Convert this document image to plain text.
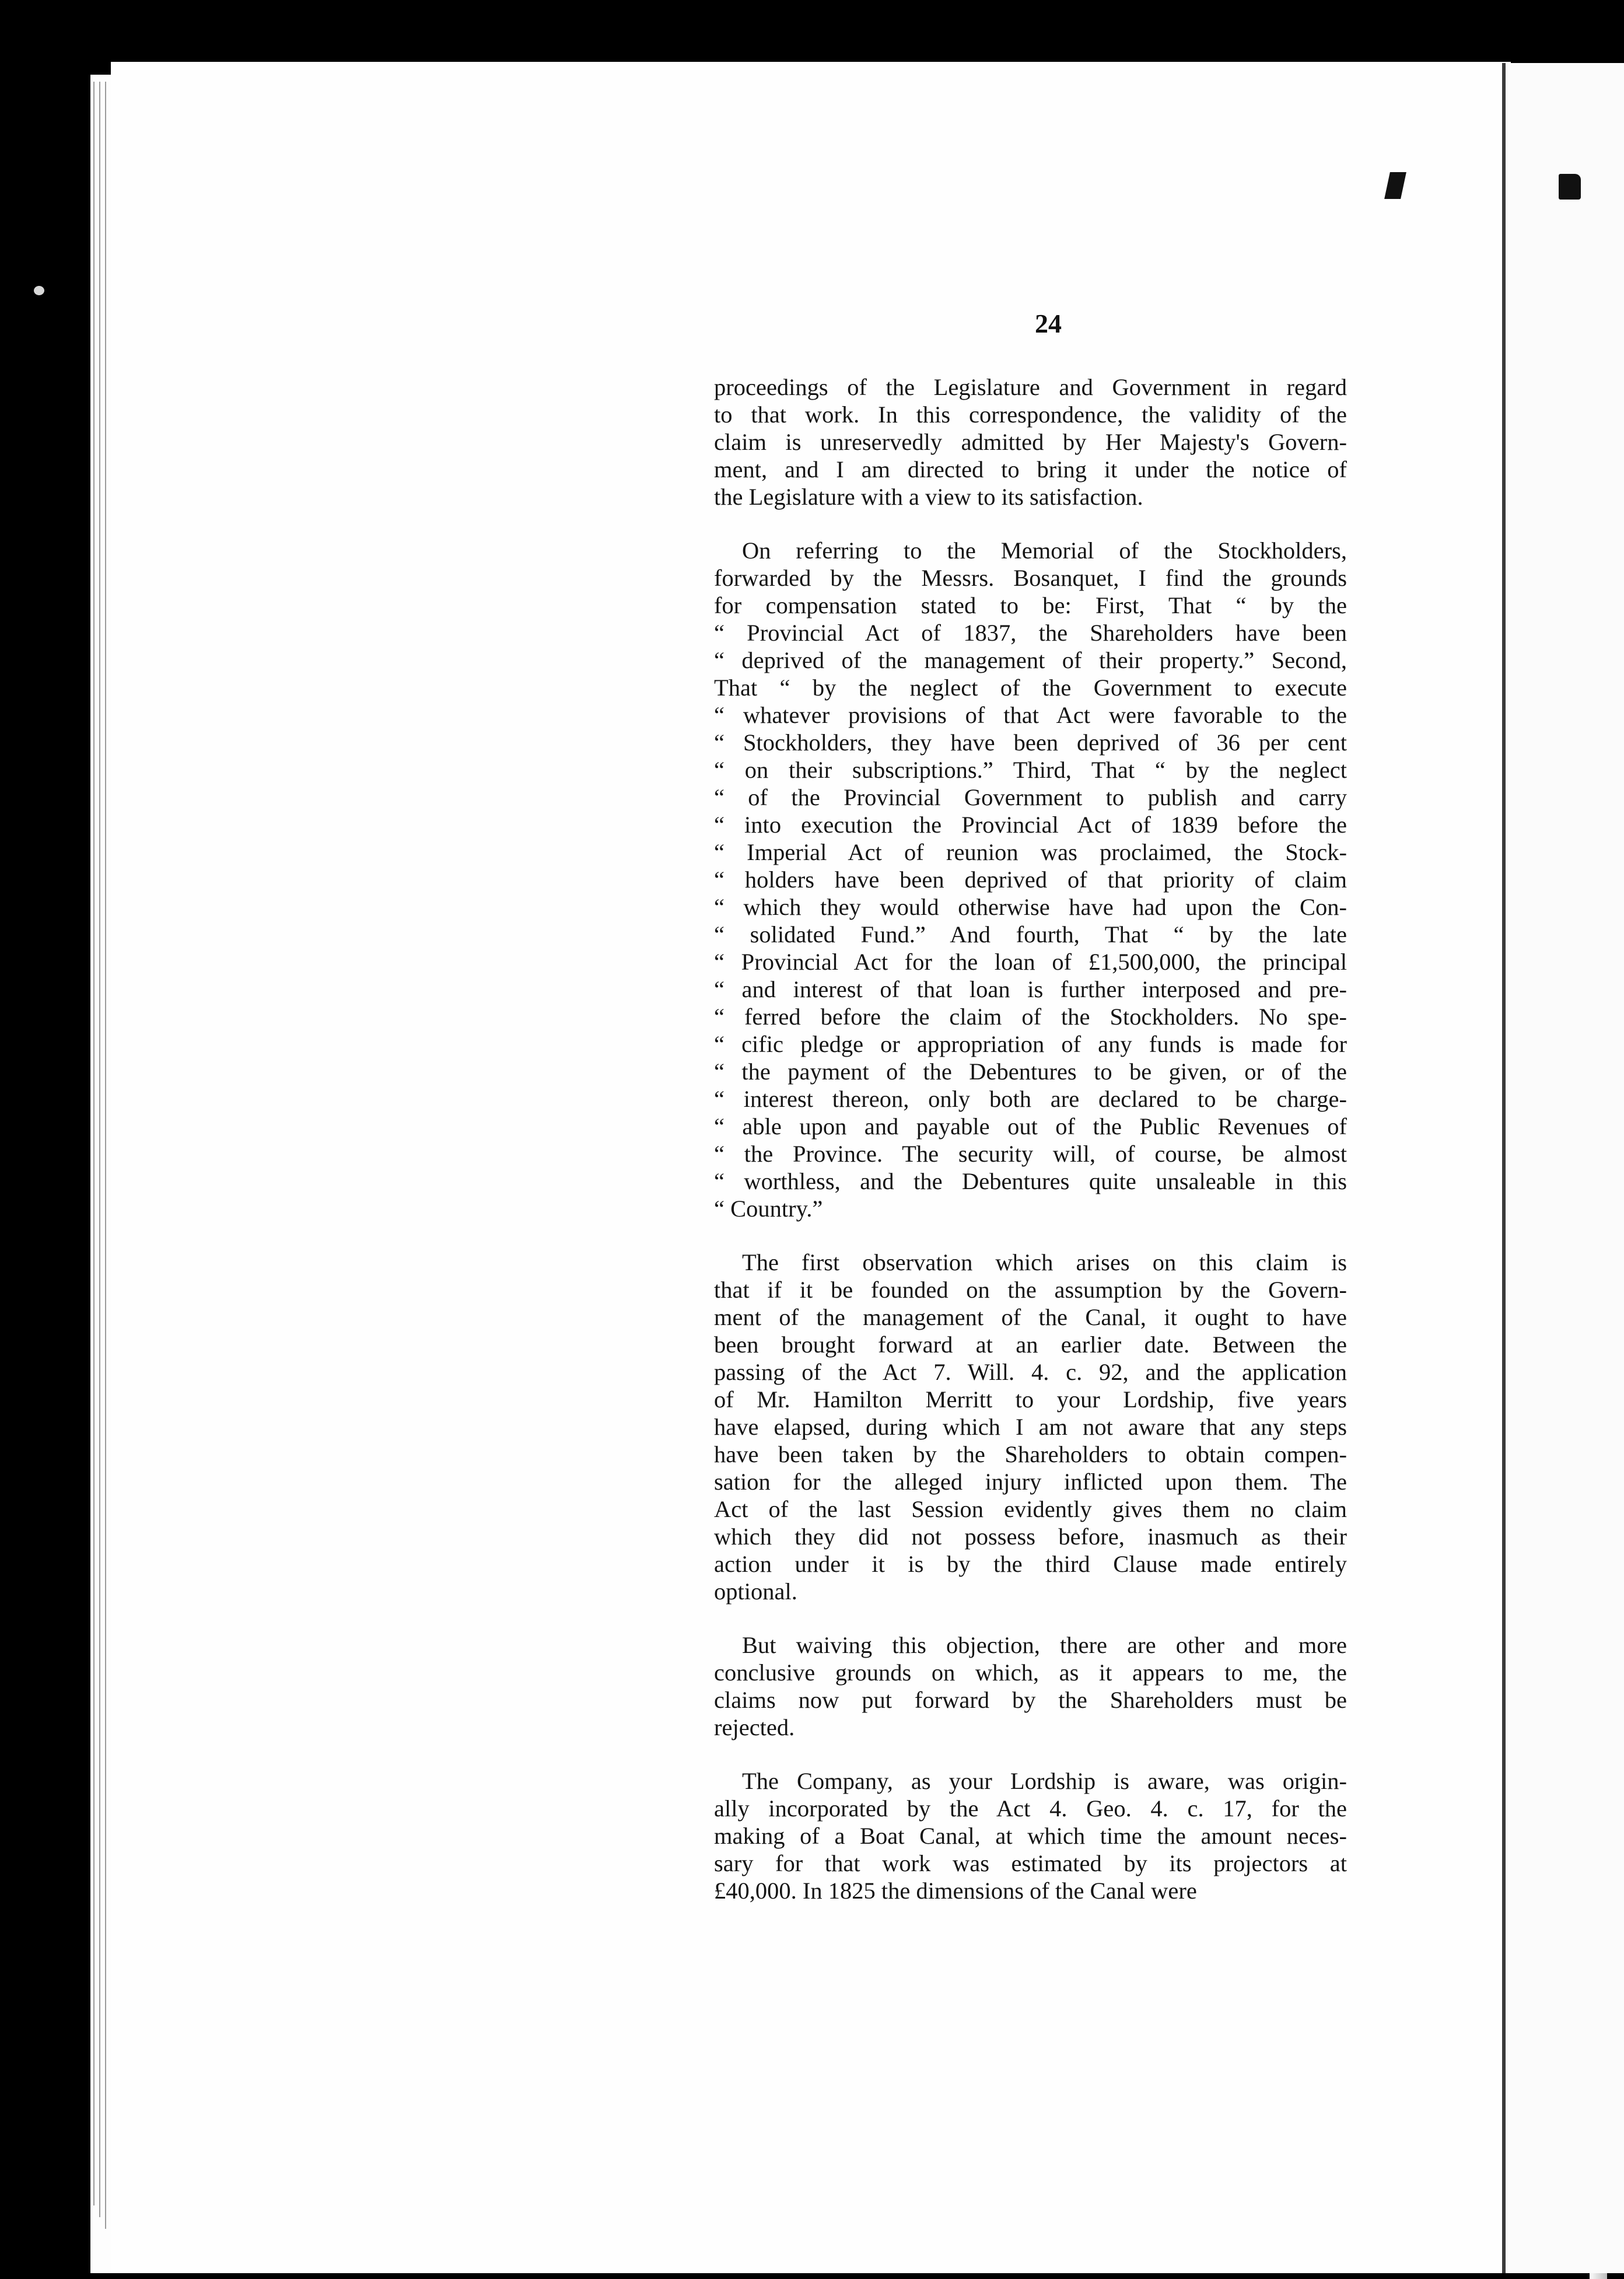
24
proceedings of the Legislature and Government in regard
to that work. In this correspondence, the validity of the
claim is unreservedly admitted by Her Majesty's Govern-
ment, and I am directed to bring it under the notice of
the Legislature with a view to its satisfaction.
On referring to the Memorial of the Stockholders,
forwarded by the Messrs. Bosanquet, I find the grounds
for compensation stated to be: First, That “ by the
“ Provincial Act of 1837, the Shareholders have been
“ deprived of the management of their property.” Second,
That “ by the neglect of the Government to execute
“ whatever provisions of that Act were favorable to the
“ Stockholders, they have been deprived of 36 per cent
“ on their subscriptions.” Third, That “ by the neglect
“ of the Provincial Government to publish and carry
“ into execution the Provincial Act of 1839 before the
“ Imperial Act of reunion was proclaimed, the Stock-
“ holders have been deprived of that priority of claim
“ which they would otherwise have had upon the Con-
“ solidated Fund.” And fourth, That “ by the late
“ Provincial Act for the loan of £1,500,000, the principal
“ and interest of that loan is further interposed and pre-
“ ferred before the claim of the Stockholders. No spe-
“ cific pledge or appropriation of any funds is made for
“ the payment of the Debentures to be given, or of the
“ interest thereon, only both are declared to be charge-
“ able upon and payable out of the Public Revenues of
“ the Province. The security will, of course, be almost
“ worthless, and the Debentures quite unsaleable in this
“ Country.”
The first observation which arises on this claim is
that if it be founded on the assumption by the Govern-
ment of the management of the Canal, it ought to have
been brought forward at an earlier date. Between the
passing of the Act 7. Will. 4. c. 92, and the application
of Mr. Hamilton Merritt to your Lordship, five years
have elapsed, during which I am not aware that any steps
have been taken by the Shareholders to obtain compen-
sation for the alleged injury inflicted upon them. The
Act of the last Session evidently gives them no claim
which they did not possess before, inasmuch as their
action under it is by the third Clause made entirely
optional.
But waiving this objection, there are other and more
conclusive grounds on which, as it appears to me, the
claims now put forward by the Shareholders must be
rejected.
The Company, as your Lordship is aware, was origin-
ally incorporated by the Act 4. Geo. 4. c. 17, for the
making of a Boat Canal, at which time the amount neces-
sary for that work was estimated by its projectors at
£40,000. In 1825 the dimensions of the Canal were
